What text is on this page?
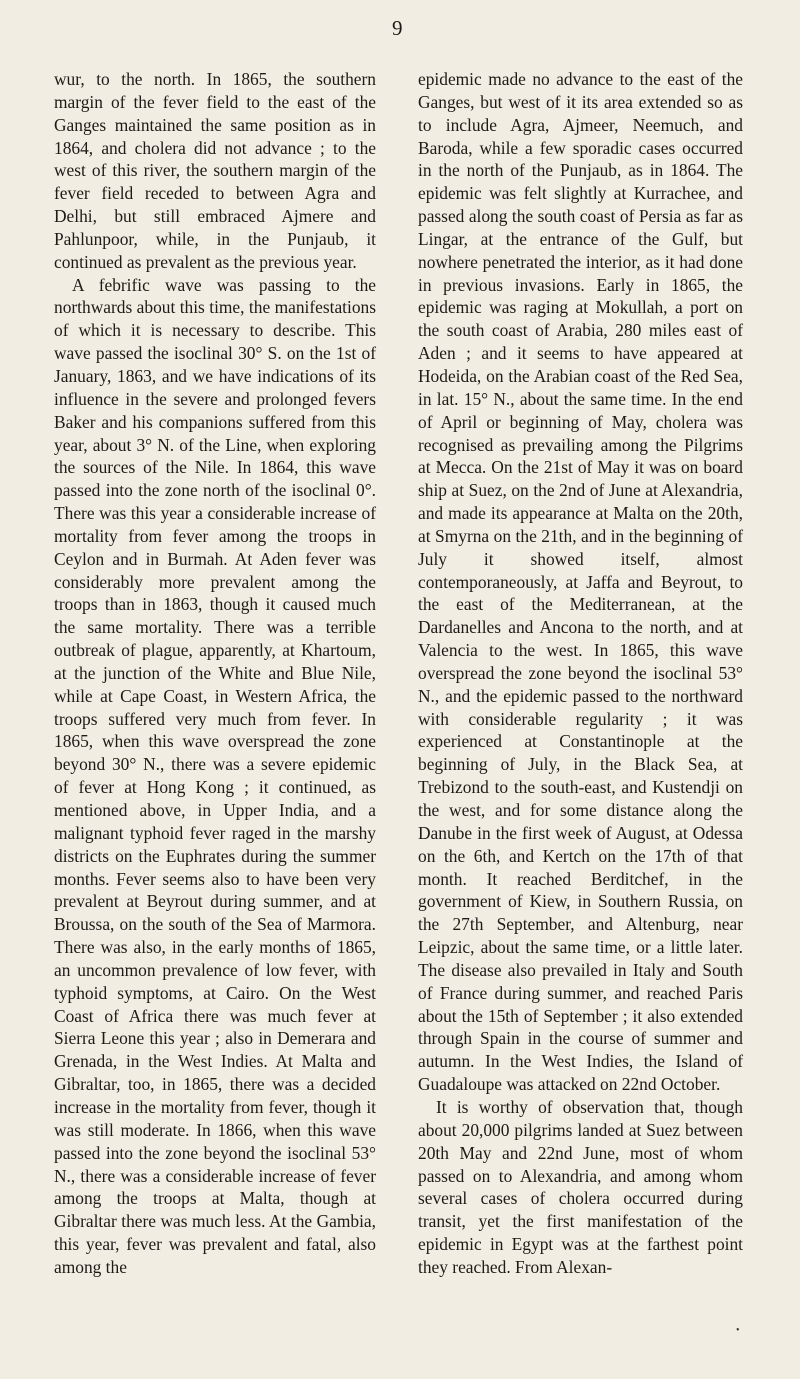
9

wur, to the north. In 1865, the southern margin of the fever field to the east of the Ganges maintained the same position as in 1864, and cholera did not advance ; to the west of this river, the southern margin of the fever field receded to between Agra and Delhi, but still embraced Ajmere and Pahlunpoor, while, in the Punjaub, it continued as prevalent as the previous year.

A febrific wave was passing to the northwards about this time, the manifestations of which it is necessary to describe. This wave passed the isoclinal 30° S. on the 1st of January, 1863, and we have indications of its influence in the severe and prolonged fevers Baker and his companions suffered from this year, about 3° N. of the Line, when exploring the sources of the Nile. In 1864, this wave passed into the zone north of the isoclinal 0°. There was this year a considerable increase of mortality from fever among the troops in Ceylon and in Burmah. At Aden fever was considerably more prevalent among the troops than in 1863, though it caused much the same mortality. There was a terrible outbreak of plague, apparently, at Khartoum, at the junction of the White and Blue Nile, while at Cape Coast, in Western Africa, the troops suffered very much from fever. In 1865, when this wave overspread the zone beyond 30° N., there was a severe epidemic of fever at Hong Kong ; it continued, as mentioned above, in Upper India, and a malignant typhoid fever raged in the marshy districts on the Euphrates during the summer months. Fever seems also to have been very prevalent at Beyrout during summer, and at Broussa, on the south of the Sea of Marmora. There was also, in the early months of 1865, an uncommon prevalence of low fever, with typhoid symptoms, at Cairo. On the West Coast of Africa there was much fever at Sierra Leone this year ; also in Demerara and Grenada, in the West Indies. At Malta and Gibraltar, too, in 1865, there was a decided increase in the mortality from fever, though it was still moderate. In 1866, when this wave passed into the zone beyond the isoclinal 53° N., there was a considerable increase of fever among the troops at Malta, though at Gibraltar there was much less. At the Gambia, this year, fever was prevalent and fatal, also among the

epidemic made no advance to the east of the Ganges, but west of it its area extended so as to include Agra, Ajmeer, Neemuch, and Baroda, while a few sporadic cases occurred in the north of the Punjaub, as in 1864. The epidemic was felt slightly at Kurrachee, and passed along the south coast of Persia as far as Lingar, at the entrance of the Gulf, but nowhere penetrated the interior, as it had done in previous invasions. Early in 1865, the epidemic was raging at Mokullah, a port on the south coast of Arabia, 280 miles east of Aden ; and it seems to have appeared at Hodeida, on the Arabian coast of the Red Sea, in lat. 15° N., about the same time. In the end of April or beginning of May, cholera was recognised as prevailing among the Pilgrims at Mecca. On the 21st of May it was on board ship at Suez, on the 2nd of June at Alexandria, and made its appearance at Malta on the 20th, at Smyrna on the 21th, and in the beginning of July it showed itself, almost contemporaneously, at Jaffa and Beyrout, to the east of the Mediterranean, at the Dardanelles and Ancona to the north, and at Valencia to the west. In 1865, this wave overspread the zone beyond the isoclinal 53° N., and the epidemic passed to the northward with considerable regularity ; it was experienced at Constantinople at the beginning of July, in the Black Sea, at Trebizond to the south-east, and Kustendji on the west, and for some distance along the Danube in the first week of August, at Odessa on the 6th, and Kertch on the 17th of that month. It reached Berditchef, in the government of Kiew, in Southern Russia, on the 27th September, and Altenburg, near Leipzic, about the same time, or a little later. The disease also prevailed in Italy and South of France during summer, and reached Paris about the 15th of September ; it also extended through Spain in the course of summer and autumn. In the West Indies, the Island of Guadaloupe was attacked on 22nd October.

It is worthy of observation that, though about 20,000 pilgrims landed at Suez between 20th May and 22nd June, most of whom passed on to Alexandria, and among whom several cases of cholera occurred during transit, yet the first manifestation of the epidemic in Egypt was at the farthest point they reached. From Alexan-

•
